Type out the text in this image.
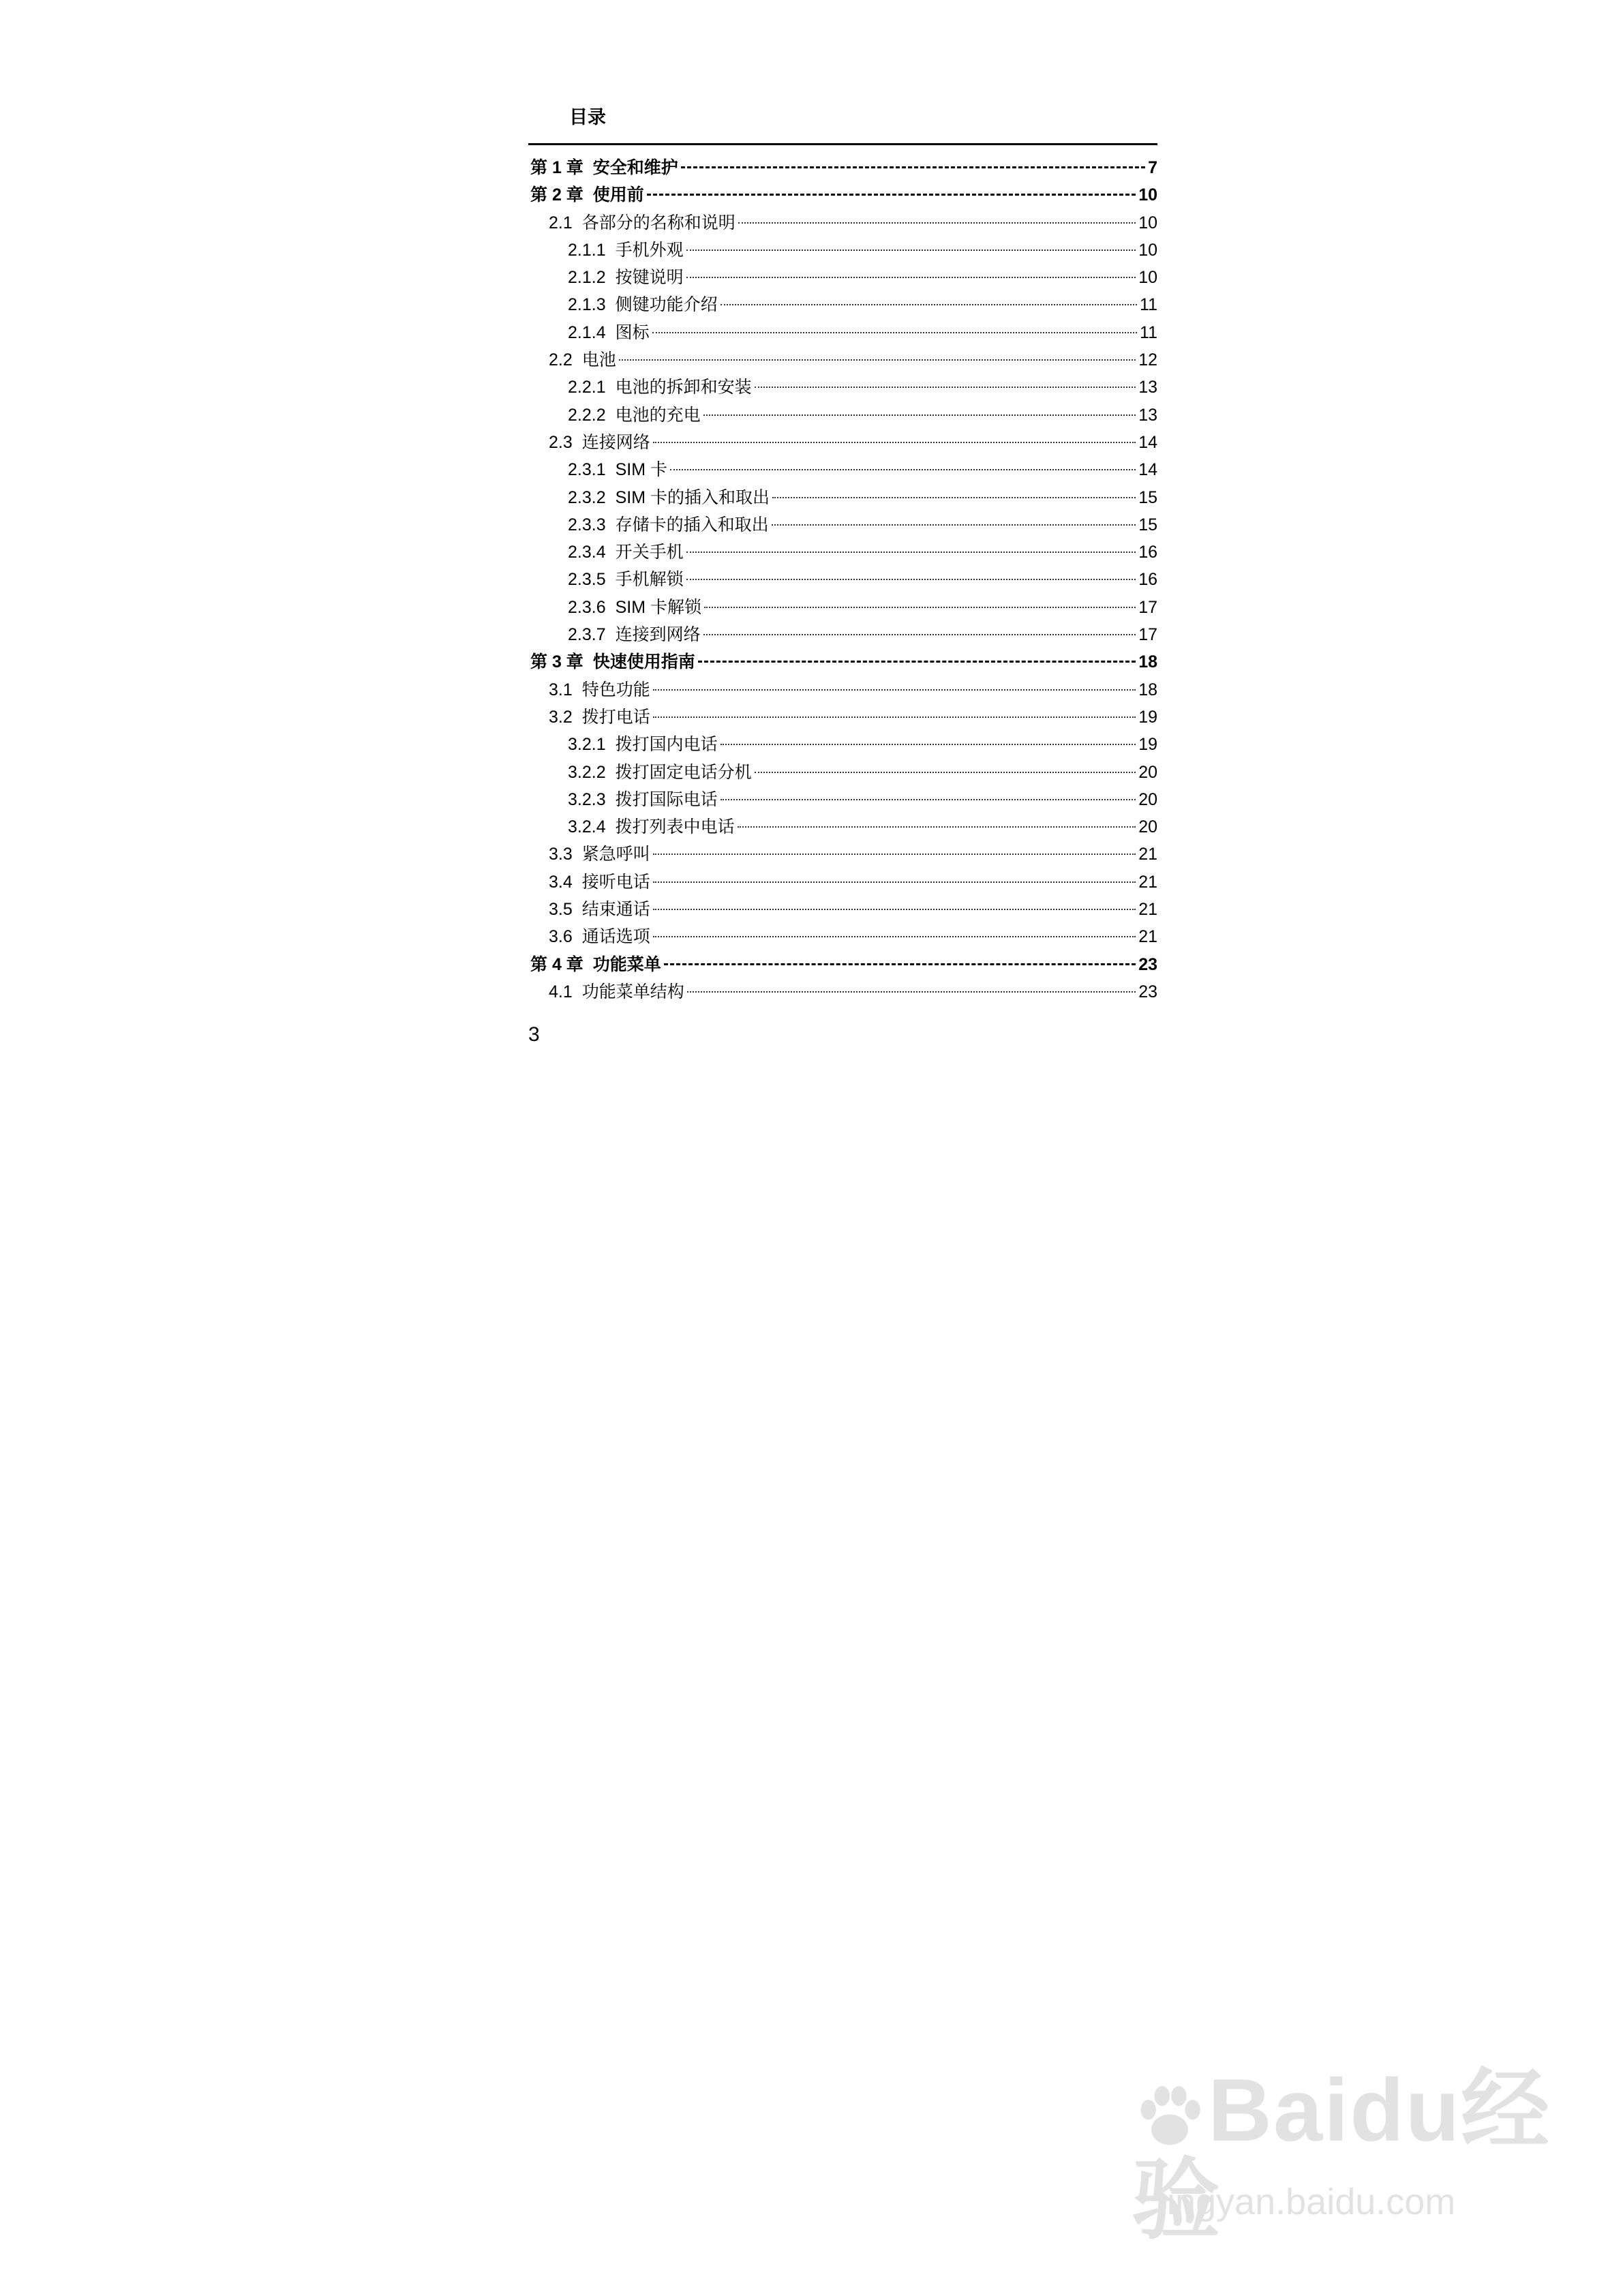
目录
第 1 章 安全和维护	7
第 2 章 使用前	10
2.1 各部分的名称和说明	10
2.1.1 手机外观	10
2.1.2 按键说明	10
2.1.3 侧键功能介绍	11
2.1.4 图标	11
2.2 电池	12
2.2.1 电池的拆卸和安装	13
2.2.2 电池的充电	13
2.3 连接网络	14
2.3.1 SIM 卡	14
2.3.2 SIM 卡的插入和取出	15
2.3.3 存储卡的插入和取出	15
2.3.4 开关手机	16
2.3.5 手机解锁	16
2.3.6 SIM 卡解锁	17
2.3.7 连接到网络	17
第 3 章 快速使用指南	18
3.1 特色功能	18
3.2 拨打电话	19
3.2.1 拨打国内电话	19
3.2.2 拨打固定电话分机	20
3.2.3 拨打国际电话	20
3.2.4 拨打列表中电话	20
3.3 紧急呼叫	21
3.4 接听电话	21
3.5 结束通话	21
3.6 通话选项	21
第 4 章 功能菜单	23
4.1 功能菜单结构	23
3
Baidu经验
jingyan.baidu.com
